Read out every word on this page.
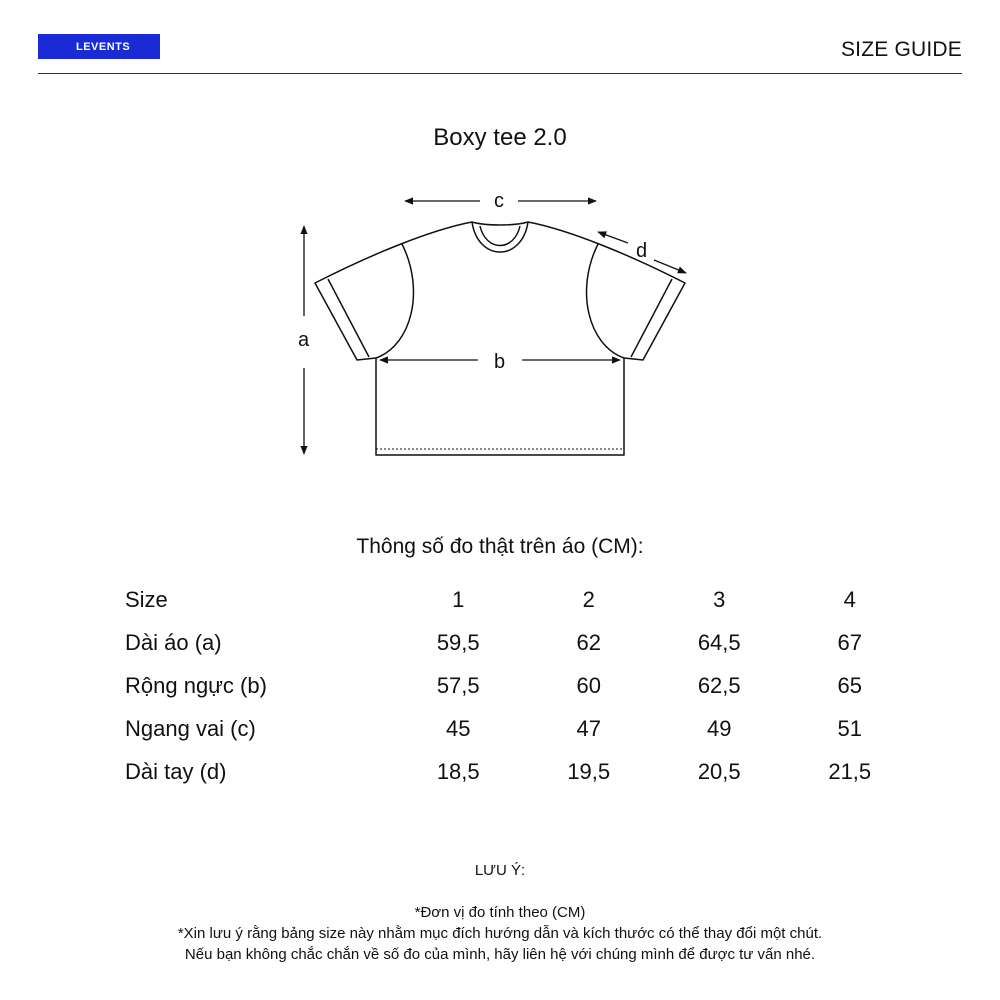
LEVENTS	SIZE GUIDE
Boxy tee 2.0
a
b
c
d
Thông số đo thật trên áo (CM):
Size	1	2	3	4
Dài áo (a)	59,5	62	64,5	67
Rộng ngực (b)	57,5	60	62,5	65
Ngang vai (c)	45	47	49	51
Dài tay (d)	18,5	19,5	20,5	21,5
LƯU Ý:
*Đơn vị đo tính theo (CM)
*Xin lưu ý rằng bảng size này nhằm mục đích hướng dẫn và kích thước có thể thay đổi một chút.
Nếu bạn không chắc chắn về số đo của mình, hãy liên hệ với chúng mình để được tư vấn nhé.
